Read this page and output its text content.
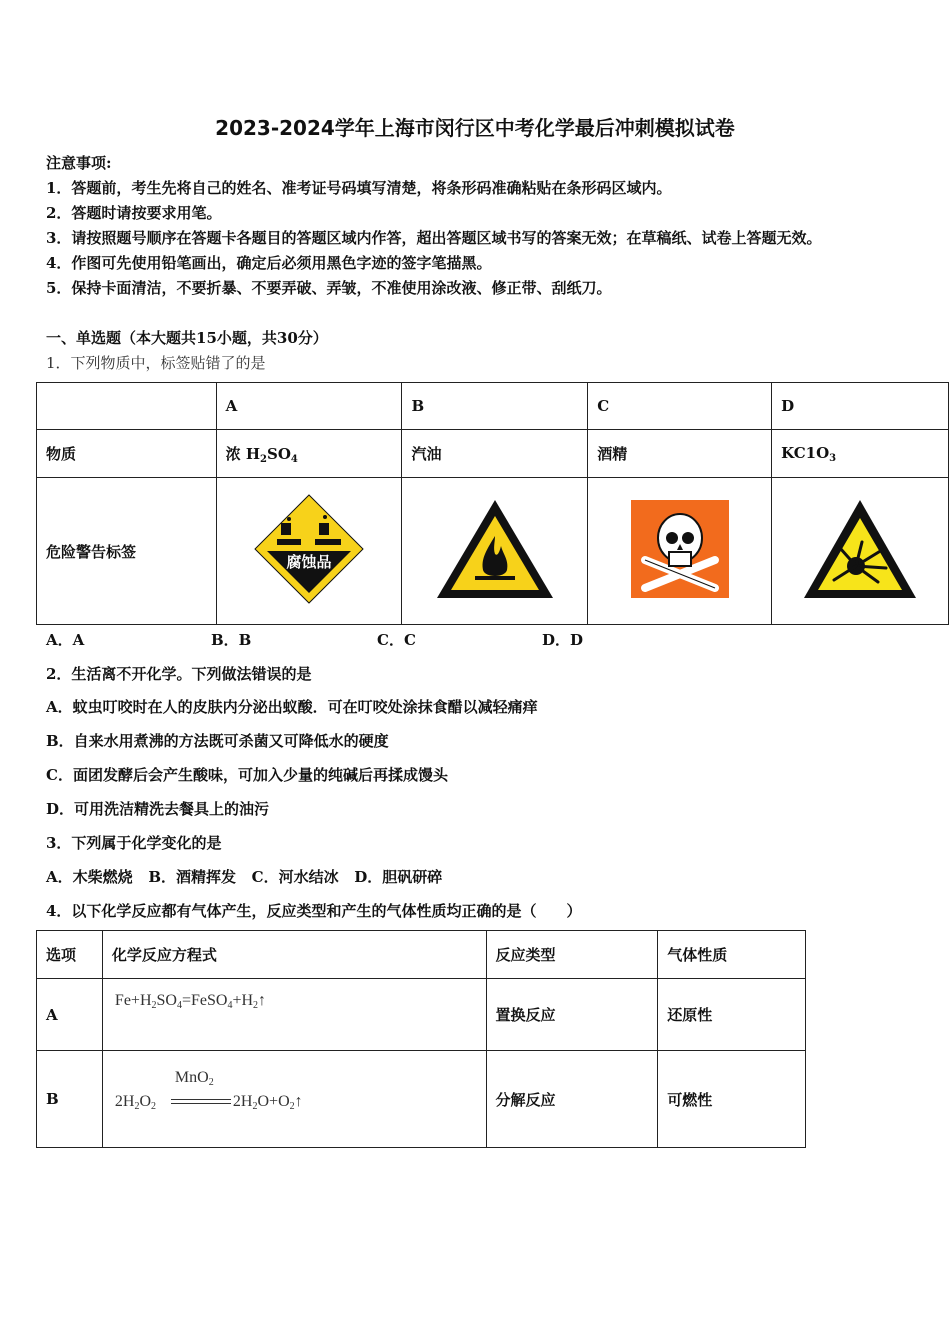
2023-2024学年上海市闵行区中考化学最后冲刺模拟试卷
注意事项:
1．答题前，考生先将自己的姓名、准考证号码填写清楚，将条形码准确粘贴在条形码区域内。
2．答题时请按要求用笔。
3．请按照题号顺序在答题卡各题目的答题区域内作答，超出答题区域书写的答案无效；在草稿纸、试卷上答题无效。
4．作图可先使用铅笔画出，确定后必须用黑色字迹的签字笔描黑。
5．保持卡面清洁，不要折暴、不要弄破、弄皱，不准使用涂改液、修正带、刮纸刀。
一、单选题（本大题共15小题，共30分）
1．下列物质中，标签贴错了的是
	A	B	C	D
物质	浓 $H_2SO_4$	汽油	酒精	$KC1O_3$
危险警告标签	腐蚀品

A．A	B．B	C．C	D．D
2．生活离不开化学。下列做法错误的是
A．蚊虫叮咬时在人的皮肤内分泌出蚁酸．可在叮咬处涂抹食醋以减轻痛痒
B．自来水用煮沸的方法既可杀菌又可降低水的硬度
C．面团发酵后会产生酸味，可加入少量的纯碱后再揉成馒头
D．可用洗洁精洗去餐具上的油污
3．下列属于化学变化的是
A．木柴燃烧 B．酒精挥发 C．河水结冰 D．胆矾研碎
4．以下化学反应都有气体产生，反应类型和产生的气体性质均正确的是（　　）
选项	化学反应方程式	反应类型	气体性质
A	$Fe+H_2SO_4=FeSO_4+H_2↑$	置换反应	还原性
B	$2H_2O_2$
MnO$_2$
$2H_2O+O_2↑$	分解反应	可燃性
